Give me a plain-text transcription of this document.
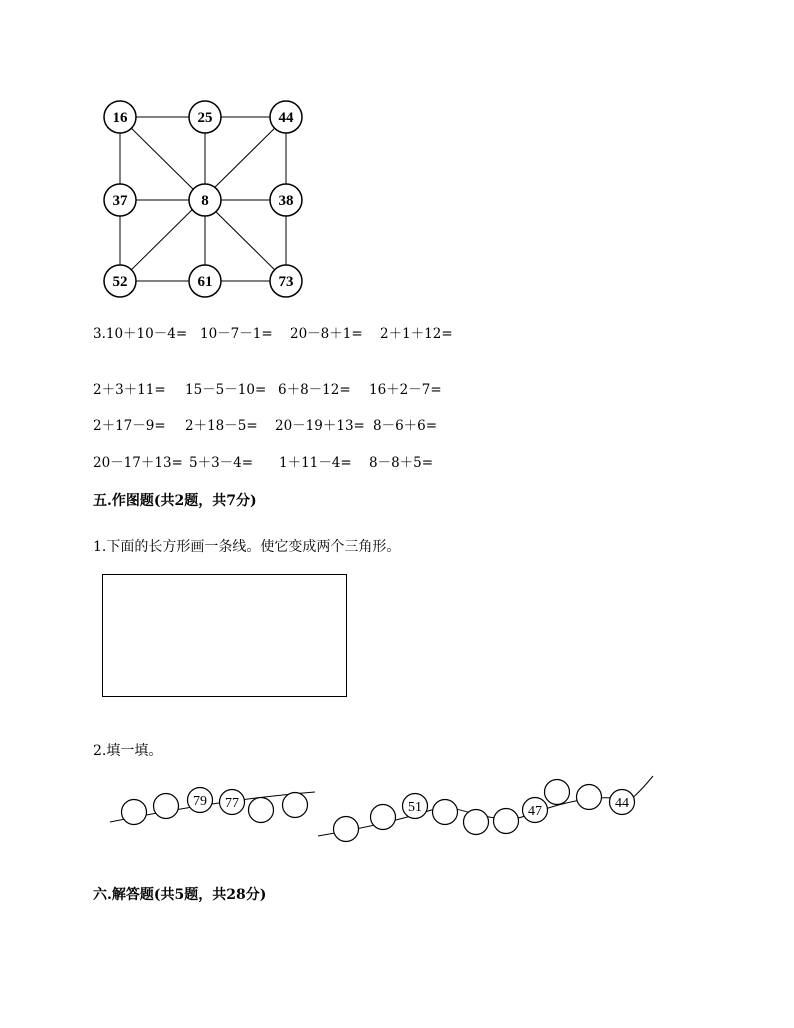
16	25	44
37	8	38
52	61	73
3.10＋10－4= 10－7－1= 20－8＋1= 2＋1＋12=
2＋3＋11= 15－5－10= 6＋8－12= 16＋2－7=
2＋17－9= 2＋18－5= 20－19＋13= 8－6＋6=
20－17＋13= 5＋3－4= 1＋11－4= 8－8＋5=
五.作图题(共2题，共7分)
1.下面的长方形画一条线。使它变成两个三角形。
2.填一填。
79 77	51	47
44
六.解答题(共5题，共28分)
